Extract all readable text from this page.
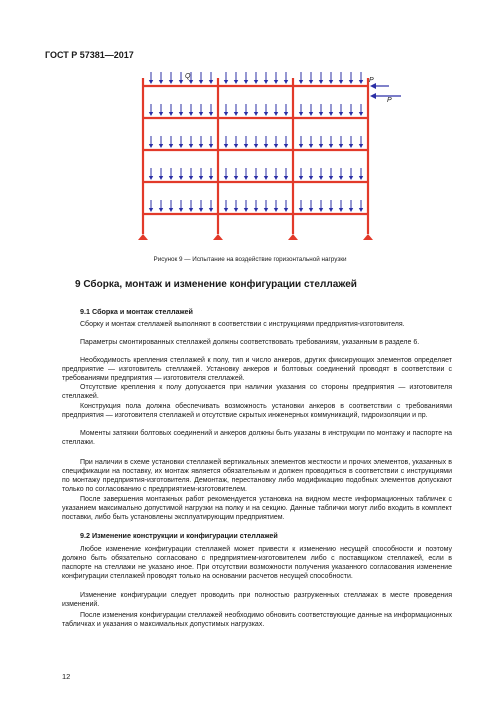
ГОСТ Р 57381—2017
Q
P
P
Рисунок 9 — Испытание на воздействие горизонтальной нагрузки
9 Сборка, монтаж и изменение конфигурации стеллажей
9.1 Сборка и монтаж стеллажей

Сборку и монтаж стеллажей выполняют в соответствии с инструкциями предприятия-изготовителя.

Параметры смонтированных стеллажей должны соответствовать требованиям, указанным в разделе 6.

Необходимость крепления стеллажей к полу, тип и число анкеров, других фиксирующих элементов определяет предприятие — изготовитель стеллажей. Установку анкеров и болтовых соединений проводят в соответствии с требованиями предприятия — изготовителя стеллажей.

Отсутствие крепления к полу допускается при наличии указания со стороны предприятия — изготовителя стеллажей.

Конструкция пола должна обеспечивать возможность установки анкеров в соответствии с требованиями предприятия — изготовителя стеллажей и отсутствие скрытых инженерных коммуникаций, гидроизоляции и пр.

Моменты затяжки болтовых соединений и анкеров должны быть указаны в инструкции по монтажу и паспорте на стеллажи.

При наличии в схеме установки стеллажей вертикальных элементов жесткости и прочих элементов, указанных в спецификации на поставку, их монтаж является обязательным и должен проводиться в соответствии с инструкциями по монтажу предприятия-изготовителя. Демонтаж, перестановку либо модификацию подобных элементов допускают только по согласованию с предприятием-изготовителем.

После завершения монтажных работ рекомендуется установка на видном месте информационных табличек с указанием максимально допустимой нагрузки на полку и на секцию. Данные таблички могут либо входить в комплект поставки, либо быть установлены эксплуатирующим предприятием.

9.2 Изменение конструкции и конфигурации стеллажей

Любое изменение конфигурации стеллажей может привести к изменению несущей способности и поэтому должно быть обязательно согласовано с предприятием-изготовителем либо с поставщиком стеллажей, если в паспорте на стеллажи не указано иное. При отсутствии возможности получения указанного согласования изменение конфигурации стеллажей проводят только на основании расчетов несущей способности.

Изменение конфигурации следует проводить при полностью разгруженных стеллажах в месте проведения изменений.

После изменения конфигурации стеллажей необходимо обновить соответствующие данные на информационных табличках и указания о максимальных допустимых нагрузках.

12
